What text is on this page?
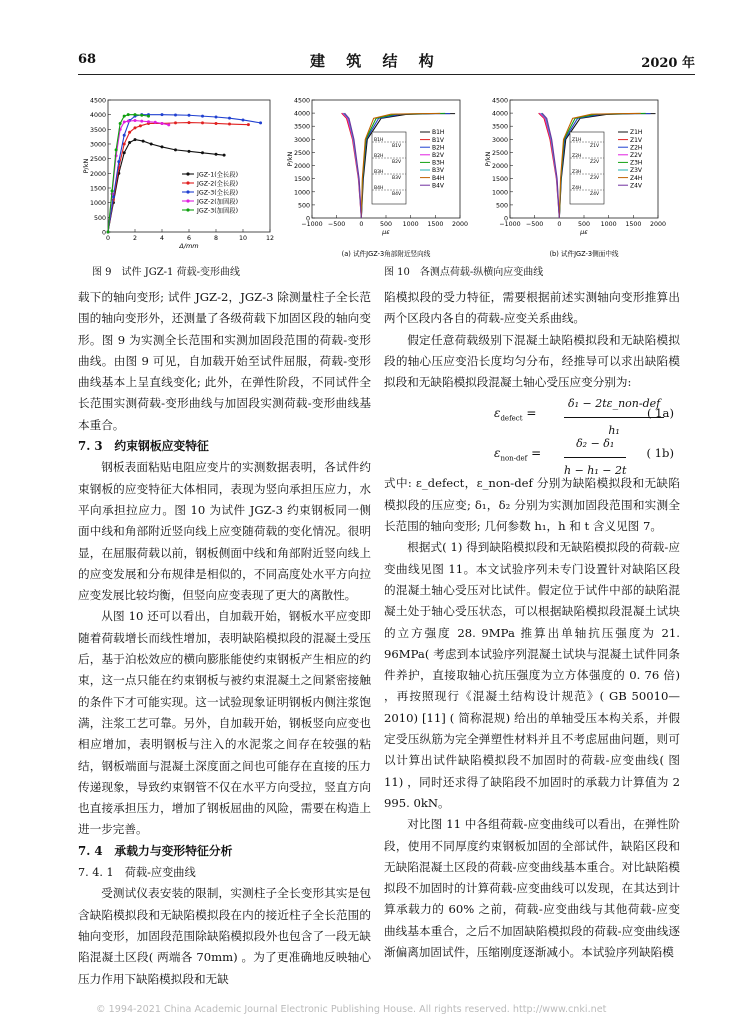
68	建 筑 结 构	2020 年
0
500
1000
1500
2000
2500
3000
3500
4000
4500
0	2	4	6	8	10	12
P/kN
Δ/mm
JGZ-1(全长段)
JGZ-2(全长段)
JGZ-3(全长段)
JGZ-2(加固段)
JGZ-3(加固段)
0
500
1000
1500
2000
2500
3000
3500
4000
4500
−1000 −500 0	500 1000 1500 2000
P/kN
με
B1H
B1V
B2H
B2V
B3H
B3V
B4H
B4V
B1H
B1V
B2H
B2V
B3H
B3V
B4H
B4V
(a) 试件JGZ-3角部附近竖向线
0
500
1000
1500
2000
2500
3000
3500
4000
4500
−1000 −500 0	500 1000 1500 2000
P/kN
με
Z1H
Z1V
Z2H
Z2V
Z3H
Z3V
Z4H
Z4V
Z1H
Z1V
Z2H
Z2V
Z3H
Z3V
Z4H
Z4V
(b) 试件JGZ-3侧面中线
图 9　试件 JGZ-1 荷载-变形曲线	图 10　各测点荷载-纵横向应变曲线

载下的轴向变形; 试件 JGZ-2，JGZ-3 除测量柱子全长范围的轴向变形外，还测量了各级荷载下加固区段的轴向变形。图 9 为实测全长范围和实测加固段范围的荷载-变形曲线。由图 9 可见，自加载开始至试件屈服，荷载-变形曲线基本上呈直线变化; 此外，在弹性阶段，不同试件全长范围实测荷载-变形曲线与加固段实测荷载-变形曲线基本重合。

7. 3　约束钢板应变特征

钢板表面粘贴电阻应变片的实测数据表明，各试件约束钢板的应变特征大体相同，表现为竖向承担压应力，水平向承担拉应力。图 10 为试件 JGZ-3 约束钢板同一侧面中线和角部附近竖向线上应变随荷载的变化情况。很明显，在屈服荷载以前，钢板侧面中线和角部附近竖向线上的应变发展和分布规律是相似的，不同高度处水平方向拉应变发展比较均衡，但竖向应变表现了更大的离散性。

从图 10 还可以看出，自加载开始，钢板水平应变即随着荷载增长而线性增加，表明缺陷模拟段的混凝土受压后，基于泊松效应的横向膨胀能使约束钢板产生相应的约束，这一点只能在约束钢板与被约束混凝土之间紧密接触的条件下才可能实现。这一试验现象证明钢板内侧注浆饱满，注浆工艺可靠。另外，自加载开始，钢板竖向应变也相应增加，表明钢板与注入的水泥浆之间存在较强的粘结，钢板端面与混凝土深度面之间也可能存在直接的压力传递现象，导致约束钢管不仅在水平方向受拉，竖直方向也直接承担压力，增加了钢板屈曲的风险，需要在构造上进一步完善。

7. 4　承载力与变形特征分析
7. 4. 1　荷载-应变曲线

受测试仪表安装的限制，实测柱子全长变形其实是包含缺陷模拟段和无缺陷模拟段在内的接近柱子全长范围的轴向变形，加固段范围除缺陷模拟段外也包含了一段无缺陷混凝土区段( 两端各 70mm) 。为了更准确地反映轴心压力作用下缺陷模拟段和无缺

陷模拟段的受力特征，需要根据前述实测轴向变形推算出两个区段内各自的荷载-应变关系曲线。

假定任意荷载级别下混凝土缺陷模拟段和无缺陷模拟段的轴心压应变沿长度均匀分布，经推导可以求出缺陷模拟段和无缺陷模拟段混凝土轴心受压应变分别为:

$\varepsilon_{defect}$ =
δ₁ − 2tε_non-def
h₁
( 1a)
$\varepsilon_{non-def} = \frac{\text{δ₂ − δ₁}}{\text{h − h₁ − 2t}}$ ( 1b)

式中: ε_defect，ε_non-def 分别为缺陷模拟段和无缺陷模拟段的压应变; δ₁，δ₂ 分别为实测加固段范围和实测全长范围的轴向变形; 几何参数 h₁，h 和 t 含义见图 7。

根据式( 1) 得到缺陷模拟段和无缺陷模拟段的荷载-应变曲线见图 11。本文试验序列未专门设置针对缺陷区段的混凝土轴心受压对比试件。假定位于试件中部的缺陷混凝土处于轴心受压状态，可以根据缺陷模拟段混凝土试块的立方强度 28. 9MPa 推算出单轴抗压强度为 21. 96MPa( 考虑到本试验序列混凝土试块与混凝土试件同条件养护，直接取轴心抗压强度为立方体强度的 0. 76 倍) ，再按照现行《混凝土结构设计规范》( GB 50010—2010) [11] ( 简称混规) 给出的单轴受压本构关系，并假定受压纵筋为完全弹塑性材料并且不考虑屈曲问题，则可以计算出试件缺陷模拟段不加固时的荷载-应变曲线( 图 11) ，同时还求得了缺陷段不加固时的承载力计算值为 2 995. 0kN。

对比图 11 中各组荷载-应变曲线可以看出，在弹性阶段，使用不同厚度约束钢板加固的全部试件，缺陷区段和无缺陷混凝土区段的荷载-应变曲线基本重合。对比缺陷模拟段不加固时的计算荷载-应变曲线可以发现，在其达到计算承载力的 60% 之前，荷载-应变曲线与其他荷载-应变曲线基本重合，之后不加固缺陷模拟段的荷载-应变曲线逐渐偏离加固试件，压缩刚度逐渐减小。本试验序列缺陷模

© 1994-2021 China Academic Journal Electronic Publishing House. All rights reserved. http://www.cnki.net
